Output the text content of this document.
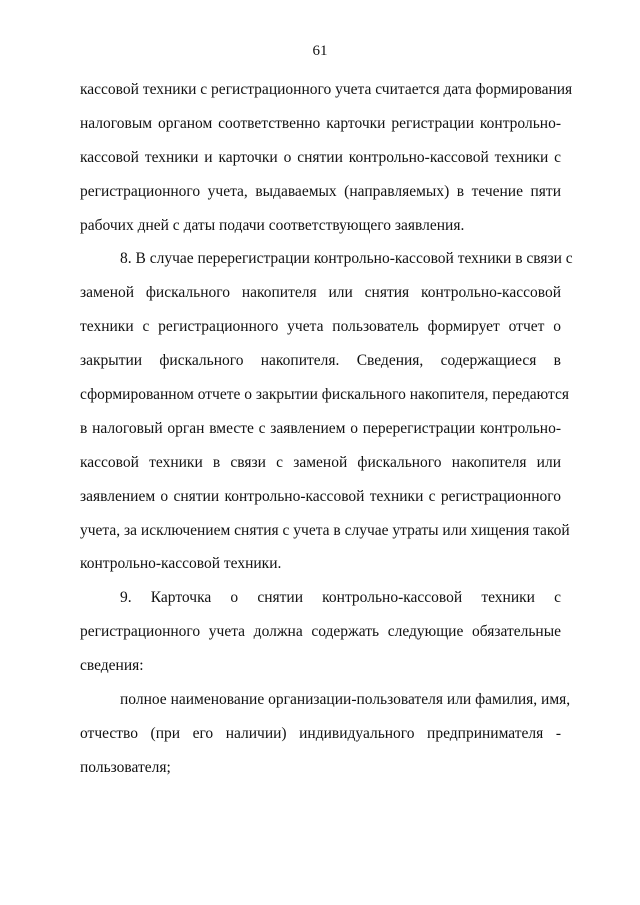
61
кассовой техники с регистрационного учета считается дата формирования
налоговым органом соответственно карточки регистрации контрольно-
кассовой техники и карточки о снятии контрольно-кассовой техники с
регистрационного учета, выдаваемых (направляемых) в течение пяти
рабочих дней с даты подачи соответствующего заявления.
8. В случае перерегистрации контрольно-кассовой техники в связи с
заменой фискального накопителя или снятия контрольно-кассовой
техники с регистрационного учета пользователь формирует отчет о
закрытии фискального накопителя. Сведения, содержащиеся в
сформированном отчете о закрытии фискального накопителя, передаются
в налоговый орган вместе с заявлением о перерегистрации контрольно-
кассовой техники в связи с заменой фискального накопителя или
заявлением о снятии контрольно-кассовой техники с регистрационного
учета, за исключением снятия с учета в случае утраты или хищения такой
контрольно-кассовой техники.
9. Карточка о снятии контрольно-кассовой техники с
регистрационного учета должна содержать следующие обязательные
сведения:
полное наименование организации-пользователя или фамилия, имя,
отчество (при его наличии) индивидуального предпринимателя -
пользователя;
